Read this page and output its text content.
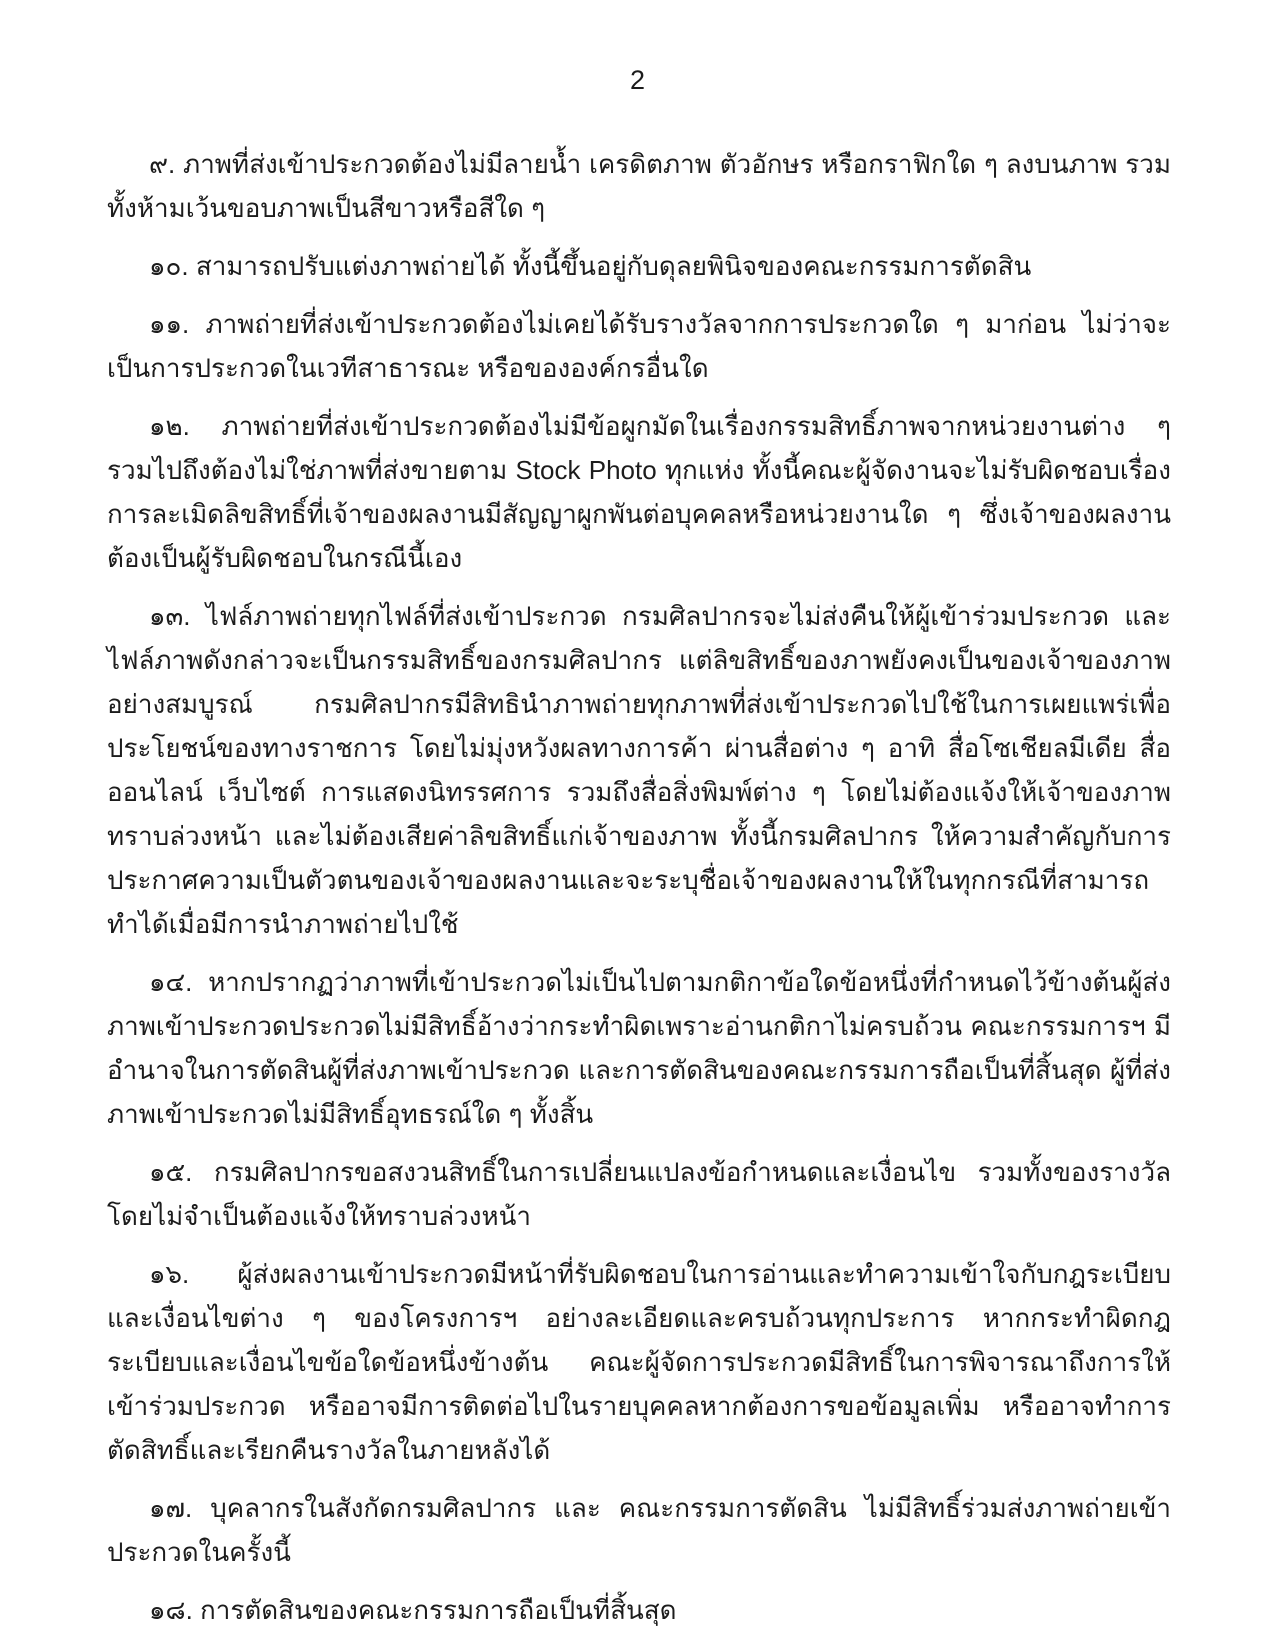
2

๙. ภาพที่ส่งเข้าประกวดต้องไม่มีลายน้ำ เครดิตภาพ ตัวอักษร หรือกราฟิกใด ๆ ลงบนภาพ รวมทั้งห้ามเว้นขอบภาพเป็นสีขาวหรือสีใด ๆ

๑๐. สามารถปรับแต่งภาพถ่ายได้ ทั้งนี้ขึ้นอยู่กับดุลยพินิจของคณะกรรมการตัดสิน

๑๑. ภาพถ่ายที่ส่งเข้าประกวดต้องไม่เคยได้รับรางวัลจากการประกวดใด ๆ มาก่อน ไม่ว่าจะเป็นการประกวดในเวทีสาธารณะ หรือขององค์กรอื่นใด

๑๒. ภาพถ่ายที่ส่งเข้าประกวดต้องไม่มีข้อผูกมัดในเรื่องกรรมสิทธิ์ภาพจากหน่วยงานต่าง ๆ รวมไปถึงต้องไม่ใช่ภาพที่ส่งขายตาม Stock Photo ทุกแห่ง ทั้งนี้คณะผู้จัดงานจะไม่รับผิดชอบเรื่องการละเมิดลิขสิทธิ์ที่เจ้าของผลงานมีสัญญาผูกพันต่อบุคคลหรือหน่วยงานใด ๆ ซึ่งเจ้าของผลงานต้องเป็นผู้รับผิดชอบในกรณีนี้เอง

๑๓. ไฟล์ภาพถ่ายทุกไฟล์ที่ส่งเข้าประกวด กรมศิลปากรจะไม่ส่งคืนให้ผู้เข้าร่วมประกวด และไฟล์ภาพดังกล่าวจะเป็นกรรมสิทธิ์ของกรมศิลปากร แต่ลิขสิทธิ์ของภาพยังคงเป็นของเจ้าของภาพอย่างสมบูรณ์ กรมศิลปากรมีสิทธินำภาพถ่ายทุกภาพที่ส่งเข้าประกวดไปใช้ในการเผยแพร่เพื่อประโยชน์ของทางราชการ โดยไม่มุ่งหวังผลทางการค้า ผ่านสื่อต่าง ๆ อาทิ สื่อโซเชียลมีเดีย สื่อออนไลน์ เว็บไซต์ การแสดงนิทรรศการ รวมถึงสื่อสิ่งพิมพ์ต่าง ๆ โดยไม่ต้องแจ้งให้เจ้าของภาพทราบล่วงหน้า และไม่ต้องเสียค่าลิขสิทธิ์แก่เจ้าของภาพ ทั้งนี้กรมศิลปากร ให้ความสำคัญกับการประกาศความเป็นตัวตนของเจ้าของผลงานและจะระบุชื่อเจ้าของผลงานให้ในทุกกรณีที่สามารถทำได้เมื่อมีการนำภาพถ่ายไปใช้

๑๔. หากปรากฏว่าภาพที่เข้าประกวดไม่เป็นไปตามกติกาข้อใดข้อหนึ่งที่กำหนดไว้ข้างต้นผู้ส่งภาพเข้าประกวดประกวดไม่มีสิทธิ์อ้างว่ากระทำผิดเพราะอ่านกติกาไม่ครบถ้วน คณะกรรมการฯ มีอำนาจในการตัดสินผู้ที่ส่งภาพเข้าประกวด และการตัดสินของคณะกรรมการถือเป็นที่สิ้นสุด ผู้ที่ส่งภาพเข้าประกวดไม่มีสิทธิ์อุทธรณ์ใด ๆ ทั้งสิ้น

๑๕. กรมศิลปากรขอสงวนสิทธิ์ในการเปลี่ยนแปลงข้อกำหนดและเงื่อนไข รวมทั้งของรางวัลโดยไม่จำเป็นต้องแจ้งให้ทราบล่วงหน้า

๑๖. ผู้ส่งผลงานเข้าประกวดมีหน้าที่รับผิดชอบในการอ่านและทำความเข้าใจกับกฎระเบียบและเงื่อนไขต่าง ๆ ของโครงการฯ อย่างละเอียดและครบถ้วนทุกประการ หากกระทำผิดกฎระเบียบและเงื่อนไขข้อใดข้อหนึ่งข้างต้น คณะผู้จัดการประกวดมีสิทธิ์ในการพิจารณาถึงการให้เข้าร่วมประกวด หรืออาจมีการติดต่อไปในรายบุคคลหากต้องการขอข้อมูลเพิ่ม หรืออาจทำการตัดสิทธิ์และเรียกคืนรางวัลในภายหลังได้

๑๗. บุคลากรในสังกัดกรมศิลปากร และ คณะกรรมการตัดสิน ไม่มีสิทธิ์ร่วมส่งภาพถ่ายเข้าประกวดในครั้งนี้

๑๘. การตัดสินของคณะกรรมการถือเป็นที่สิ้นสุด
